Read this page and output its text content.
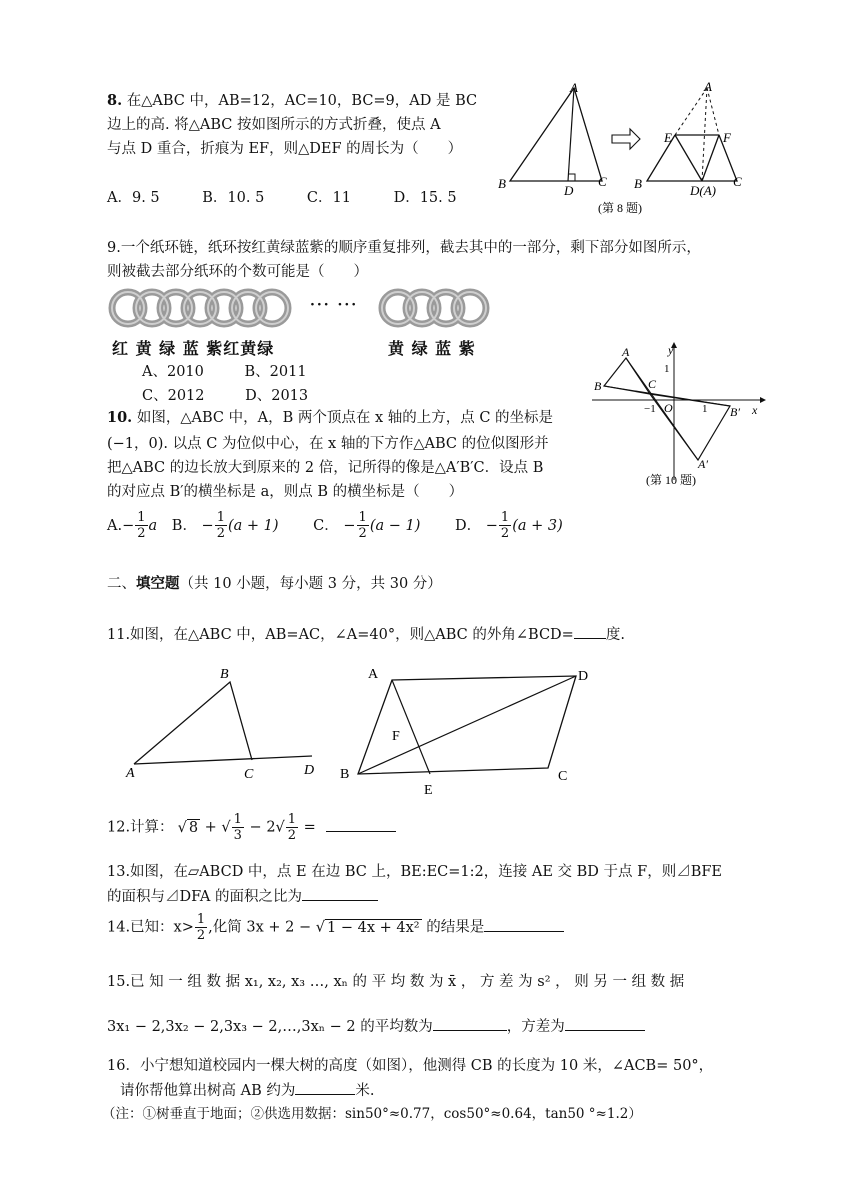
8. 在△ABC 中，AB=12，AC=10，BC=9，AD 是 BC
边上的高. 将△ABC 按如图所示的方式折叠，使点 A
与点 D 重合，折痕为 EF，则△DEF 的周长为（　　）
A．9. 5	B．10. 5	C．11	D．15. 5
A
B	C
D
A
E	F
B	C
D(A)
(第 8 题)
9.一个纸环链，纸环按红黄绿蓝紫的顺序重复排列，截去其中的一部分，剩下部分如图所示，
则被截去部分纸环的个数可能是（　　）
··· ···
红 黄 绿 蓝 紫红黄绿	黄 绿 蓝 紫
A、2010	B、2011
C、2012	D、2013
10. 如图，△ABC 中，A，B 两个顶点在 x 轴的上方，点 C 的坐标是
(−1，0). 以点 C 为位似中心，在 x 轴的下方作△ABC 的位似图形并
把△ABC 的边长放大到原来的 2 倍，记所得的像是△A′B′C．设点 B
的对应点 B′的横坐标是 a，则点 B 的横坐标是（　　）
$A.- \frac{1}{2}$ a B． − $\frac{1}{2} (a + 1)$ C． − $\frac{1}{2} (a - 1)$ D． − $\frac{1}{2} (a + 3)$
y
x
A
B	C
O
−1	1
1
B′
A′
(第 10 题)
二、填空题（共 10 小题，每小题 3 分，共 30 分）
11.如图，在△ABC 中，AB=AC，∠A=40°，则△ABC 的外角∠BCD= 度.
B
A	C	D
A	D
F
B
E
C
12.计算： √ 8 + √ $\frac{1}{3} - 2√ \frac{1}{2}$ =
13.如图，在▱ABCD 中，点 E 在边 BC 上，BE:EC=1:2，连接 AE 交 BD 于点 F，则⊿BFE
的面积与⊿DFA 的面积之比为
14.已知：$x> \frac{1}{2}$ ,化简 3x + 2 − √ 1 − 4x + 4x² 的结果是
15.已 知 一 组 数 据 x₁, x₂, x₃ …, xₙ 的 平 均 数 为 x̄ ， 方 差 为 s² ， 则 另 一 组 数 据
3x₁ − 2,3x₂ − 2,3x₃ − 2,…,3xₙ − 2 的平均数为	，方差为
16．小宁想知道校园内一棵大树的高度（如图），他测得 CB 的长度为 10 米，∠ACB= 50°，
请你帮他算出树高 AB 约为	米.
（注：①树垂直于地面；②供选用数据：sin50°≈0.77，cos50°≈0.64，tan50 °≈1.2）
